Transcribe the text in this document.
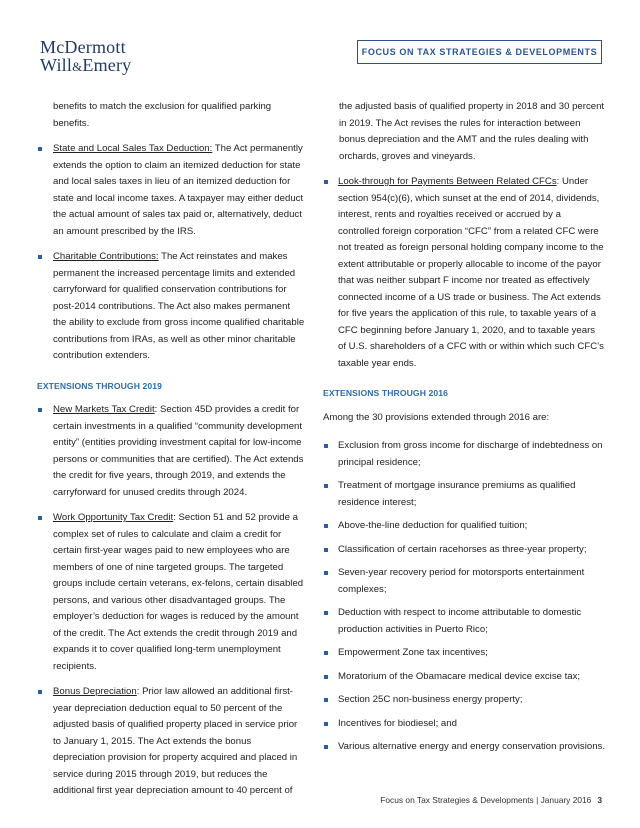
McDermott
Will&Emery
FOCUS ON TAX STRATEGIES & DEVELOPMENTS

benefits to match the exclusion for qualified parking benefits.

State and Local Sales Tax Deduction: The Act permanently extends the option to claim an itemized deduction for state and local sales taxes in lieu of an itemized deduction for state and local income taxes. A taxpayer may either deduct the actual amount of sales tax paid or, alternatively, deduct an amount prescribed by the IRS.
Charitable Contributions: The Act reinstates and makes permanent the increased percentage limits and extended carryforward for qualified conservation contributions for post-2014 contributions. The Act also makes permanent the ability to exclude from gross income qualified charitable contributions from IRAs, as well as other minor charitable contribution extenders.
EXTENSIONS THROUGH 2019
New Markets Tax Credit: Section 45D provides a credit for certain investments in a qualified “community development entity” (entities providing investment capital for low-income persons or communities that are certified). The Act extends the credit for five years, through 2019, and extends the carryforward for unused credits through 2024.
Work Opportunity Tax Credit: Section 51 and 52 provide a complex set of rules to calculate and claim a credit for certain first-year wages paid to new employees who are members of one of nine targeted groups. The targeted groups include certain veterans, ex-felons, certain disabled persons, and various other disadvantaged groups. The employer’s deduction for wages is reduced by the amount of the credit. The Act extends the credit through 2019 and expands it to cover qualified long-term unemployment recipients.
Bonus Depreciation: Prior law allowed an additional first-year depreciation deduction equal to 50 percent of the adjusted basis of qualified property placed in service prior to January 1, 2015. The Act extends the bonus depreciation provision for property acquired and placed in service during 2015 through 2019, but reduces the additional first year depreciation amount to 40 percent of

the adjusted basis of qualified property in 2018 and 30 percent in 2019. The Act revises the rules for interaction between bonus depreciation and the AMT and the rules dealing with orchards, groves and vineyards.

Look-through for Payments Between Related CFCs: Under section 954(c)(6), which sunset at the end of 2014, dividends, interest, rents and royalties received or accrued by a controlled foreign corporation “CFC” from a related CFC were not treated as foreign personal holding company income to the extent attributable or properly allocable to income of the payor that was neither subpart F income nor treated as effectively connected income of a US trade or business. The Act extends for five years the application of this rule, to taxable years of a CFC beginning before January 1, 2020, and to taxable years of U.S. shareholders of a CFC with or within which such CFC’s taxable year ends.
EXTENSIONS THROUGH 2016

Among the 30 provisions extended through 2016 are:

Exclusion from gross income for discharge of indebtedness on principal residence;
Treatment of mortgage insurance premiums as qualified residence interest;
Above-the-line deduction for qualified tuition;
Classification of certain racehorses as three-year property;
Seven-year recovery period for motorsports entertainment complexes;
Deduction with respect to income attributable to domestic production activities in Puerto Rico;
Empowerment Zone tax incentives;
Moratorium of the Obamacare medical device excise tax;
Section 25C non-business energy property;
Incentives for biodiesel; and
Various alternative energy and energy conservation provisions.
Focus on Tax Strategies & Developments | January 2016 3
